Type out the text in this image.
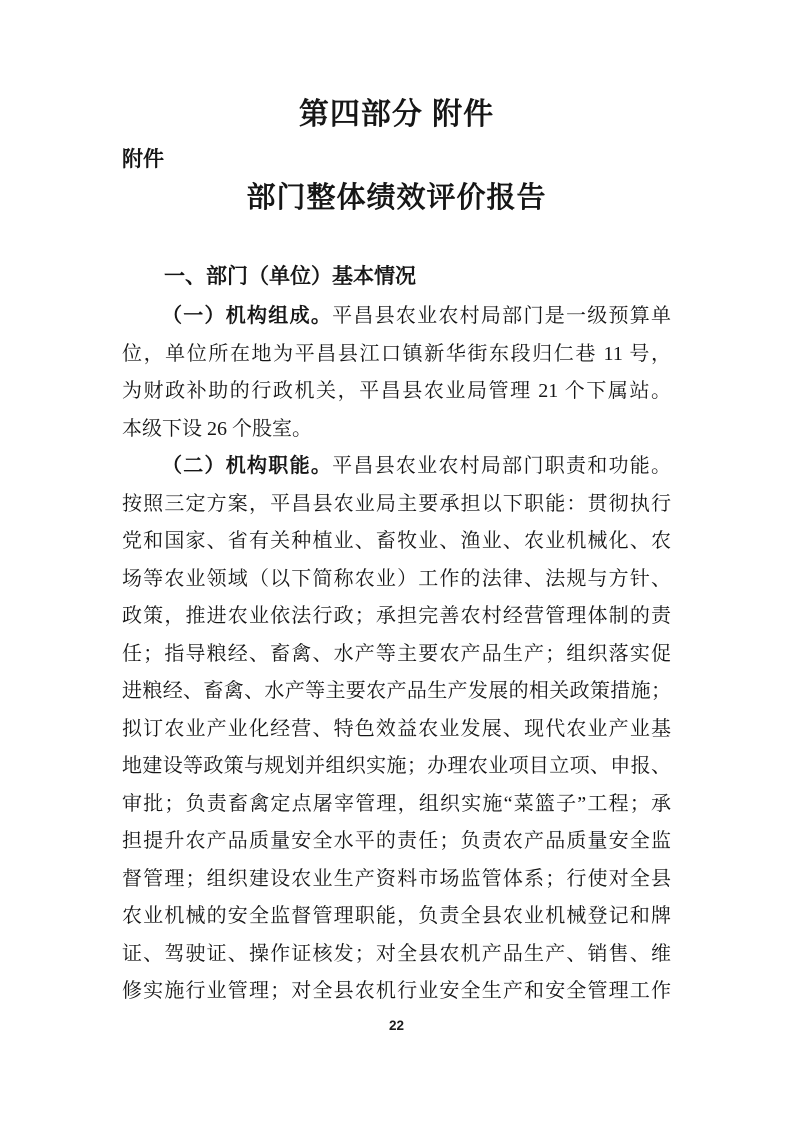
第四部分 附件
附件
部门整体绩效评价报告
一、部门（单位）基本情况
（一）机构组成。平昌县农业农村局部门是一级预算单
位，单位所在地为平昌县江口镇新华街东段归仁巷 11 号，
为财政补助的行政机关，平昌县农业局管理 21 个下属站。
本级下设 26 个股室。
（二）机构职能。平昌县农业农村局部门职责和功能。
按照三定方案，平昌县农业局主要承担以下职能：贯彻执行
党和国家、省有关种植业、畜牧业、渔业、农业机械化、农
场等农业领域（以下简称农业）工作的法律、法规与方针、
政策，推进农业依法行政；承担完善农村经营管理体制的责
任；指导粮经、畜禽、水产等主要农产品生产；组织落实促
进粮经、畜禽、水产等主要农产品生产发展的相关政策措施；
拟订农业产业化经营、特色效益农业发展、现代农业产业基
地建设等政策与规划并组织实施；办理农业项目立项、申报、
审批；负责畜禽定点屠宰管理，组织实施“菜篮子”工程；承
担提升农产品质量安全水平的责任；负责农产品质量安全监
督管理；组织建设农业生产资料市场监管体系；行使对全县
农业机械的安全监督管理职能，负责全县农业机械登记和牌
证、驾驶证、操作证核发；对全县农机产品生产、销售、维
修实施行业管理；对全县农机行业安全生产和安全管理工作
22
